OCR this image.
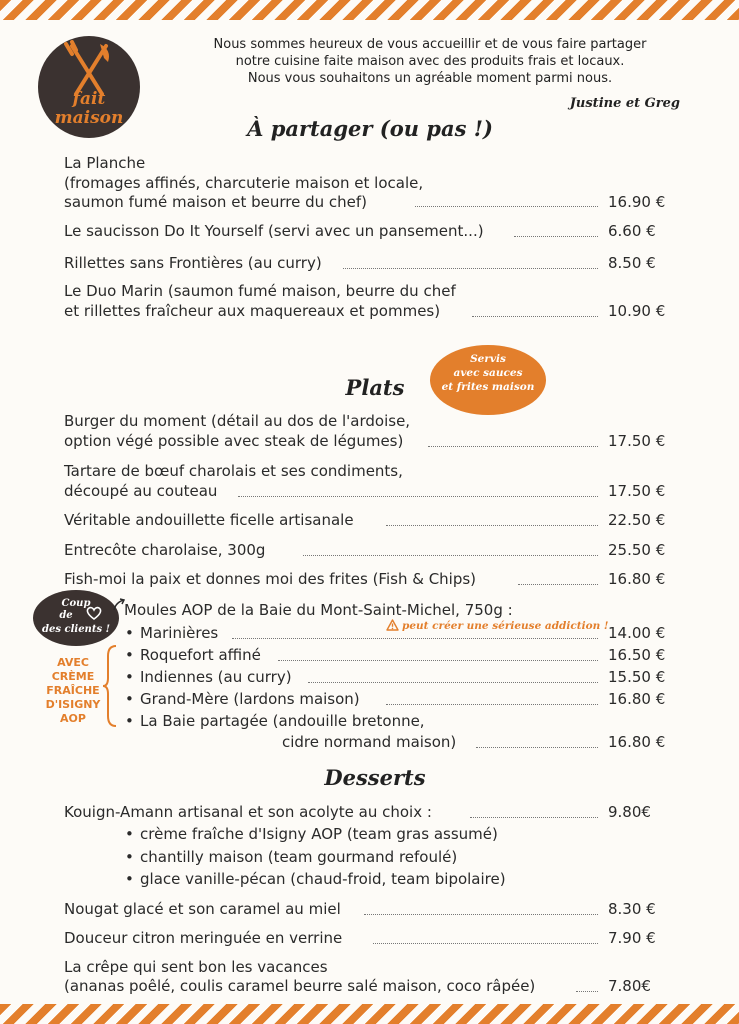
fait
maison
Nous sommes heureux de vous accueillir et de vous faire partager
notre cuisine faite maison avec des produits frais et locaux.
Nous vous souhaitons un agréable moment parmi nous.
Justine et Greg
À partager (ou pas !)
La Planche
(fromages affinés, charcuterie maison et locale,
saumon fumé maison et beurre du chef)	16.90 €
Le saucisson Do It Yourself (servi avec un pansement...)	6.60 €
Rillettes sans Frontières (au curry)	8.50 €
Le Duo Marin (saumon fumé maison, beurre du chef
et rillettes fraîcheur aux maquereaux et pommes)	10.90 €
Servis
avec sauces
et frites maison
Plats
Burger du moment (détail au dos de l'ardoise,
option végé possible avec steak de légumes)	17.50 €
Tartare de bœuf charolais et ses condiments,
découpé au couteau	17.50 €
Véritable andouillette ficelle artisanale	22.50 €
Entrecôte charolaise, 300g	25.50 €
Fish-moi la paix et donnes moi des frites (Fish & Chips)	16.80 €
Coup
de
des clients !
Moules AOP de la Baie du Mont-Saint-Michel, 750g :
peut créer une sérieuse addiction !
AVEC
CRÈME
FRAÎCHE
D'ISIGNY
AOP
• Marinières	14.00 €
• Roquefort affiné	16.50 €
• Indiennes (au curry)	15.50 €
• Grand-Mère (lardons maison)	16.80 €
• La Baie partagée (andouille bretonne,
cidre normand maison)	16.80 €
Desserts
Kouign-Amann artisanal et son acolyte au choix :	9.80€
• crème fraîche d'Isigny AOP (team gras assumé)
• chantilly maison (team gourmand refoulé)
• glace vanille-pécan (chaud-froid, team bipolaire)
Nougat glacé et son caramel au miel	8.30 €
Douceur citron meringuée en verrine	7.90 €
La crêpe qui sent bon les vacances
(ananas poêlé, coulis caramel beurre salé maison, coco râpée)	7.80€
